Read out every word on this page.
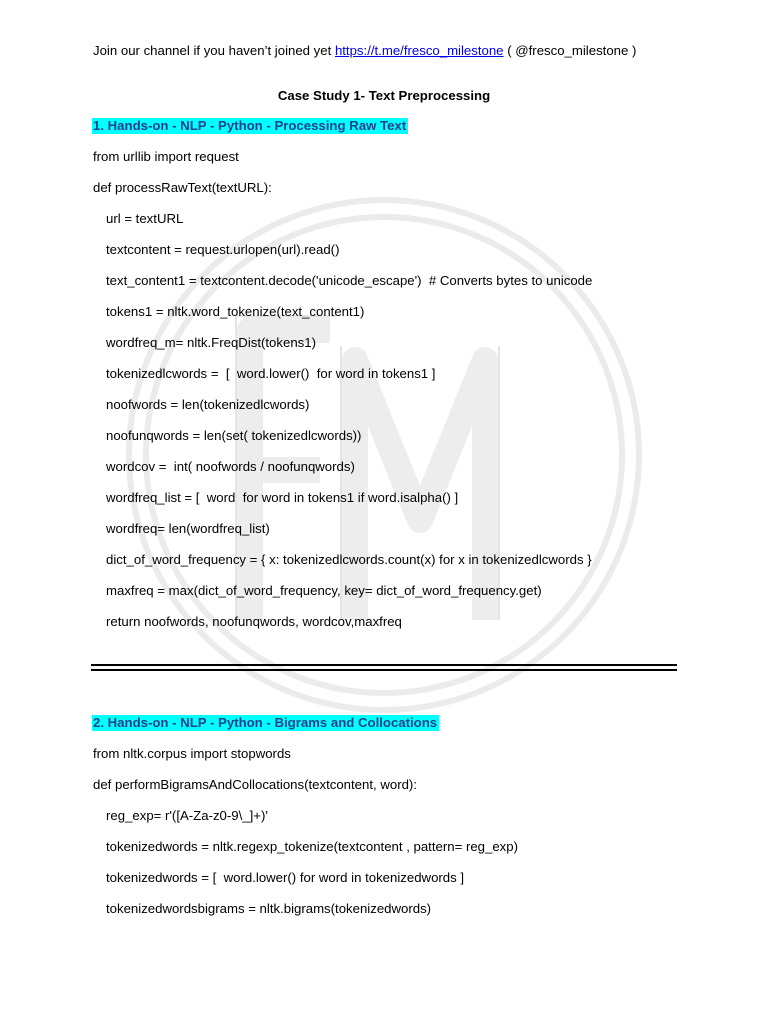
Join our channel if you haven’t joined yet https://t.me/fresco_milestone ( @fresco_milestone )
Case Study 1- Text Preprocessing
1. Hands-on - NLP - Python - Processing Raw Text
from urllib import request
def processRawText(textURL):
url = textURL
textcontent = request.urlopen(url).read()
text_content1 = textcontent.decode('unicode_escape')  # Converts bytes to unicode
tokens1 = nltk.word_tokenize(text_content1)
wordfreq_m= nltk.FreqDist(tokens1)
tokenizedlcwords =  [  word.lower()  for word in tokens1 ]
noofwords = len(tokenizedlcwords)
noofunqwords = len(set( tokenizedlcwords))
wordcov =  int( noofwords / noofunqwords)
wordfreq_list = [  word  for word in tokens1 if word.isalpha() ]
wordfreq= len(wordfreq_list)
dict_of_word_frequency = { x: tokenizedlcwords.count(x) for x in tokenizedlcwords }
maxfreq = max(dict_of_word_frequency, key= dict_of_word_frequency.get)
return noofwords, noofunqwords, wordcov,maxfreq
2. Hands-on - NLP - Python - Bigrams and Collocations
from nltk.corpus import stopwords
def performBigramsAndCollocations(textcontent, word):
reg_exp= r'([A-Za-z0-9\_]+)'
tokenizedwords = nltk.regexp_tokenize(textcontent , pattern= reg_exp)
tokenizedwords = [  word.lower() for word in tokenizedwords ]
tokenizedwordsbigrams = nltk.bigrams(tokenizedwords)
